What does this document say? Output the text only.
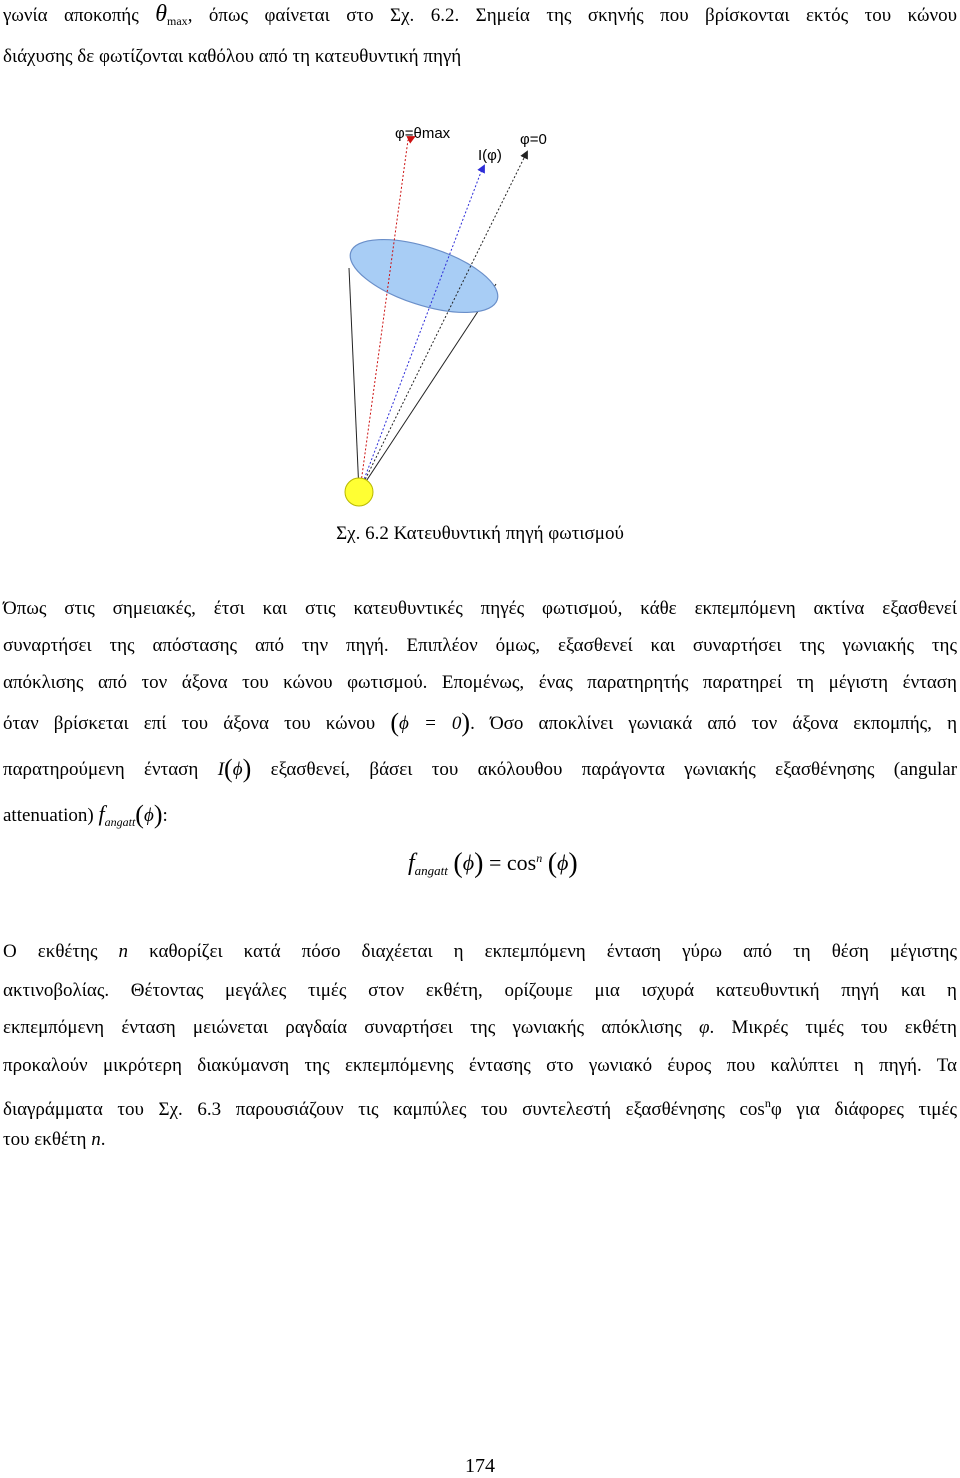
γωνία αποκοπής $\theta_{max}$, όπως φαίνεται στο Σχ. 6.2. Σημεία της σκηνής που βρίσκονται εκτός του κώνου
διάχυσης δε φωτίζονται καθόλου από τη κατευθυντική πηγή
φ=θmax
I(φ)
φ=0
Σχ. 6.2 Κατευθυντική πηγή φωτισμού
Όπως στις σημειακές, έτσι και στις κατευθυντικές πηγές φωτισμού, κάθε εκπεμπόμενη ακτίνα εξασθενεί
συναρτήσει της απόστασης από την πηγή. Επιπλέον όμως, εξασθενεί και συναρτήσει της γωνιακής της
απόκλισης από τον άξονα του κώνου φωτισμού. Επομένως, ένας παρατηρητής παρατηρεί τη μέγιστη ένταση
όταν βρίσκεται επί του άξονα του κώνου (ϕ = 0). Όσο αποκλίνει γωνιακά από τον άξονα εκπομπής, η
παρατηρούμενη ένταση I(ϕ) εξασθενεί, βάσει του ακόλουθου παράγοντα γωνιακής εξασθένησης (angular
attenuation) $f_{angatt}(\phi)$:
$f_{angatt}$ $(\phi) = \cos^n (\phi)$
Ο εκθέτης n καθορίζει κατά πόσο διαχέεται η εκπεμπόμενη ένταση γύρω από τη θέση μέγιστης
ακτινοβολίας. Θέτοντας μεγάλες τιμές στον εκθέτη, ορίζουμε μια ισχυρά κατευθυντική πηγή και η
εκπεμπόμενη ένταση μειώνεται ραγδαία συναρτήσει της γωνιακής απόκλισης φ. Μικρές τιμές του εκθέτη
προκαλούν μικρότερη διακύμανση της εκπεμπόμενης έντασης στο γωνιακό έυρος που καλύπτει η πηγή. Τα
διαγράμματα του Σχ. 6.3 παρουσιάζουν τις καμπύλες του συντελεστή εξασθένησης $\cos^n\varphi$ για διάφορες τιμές
του εκθέτη n.
174
